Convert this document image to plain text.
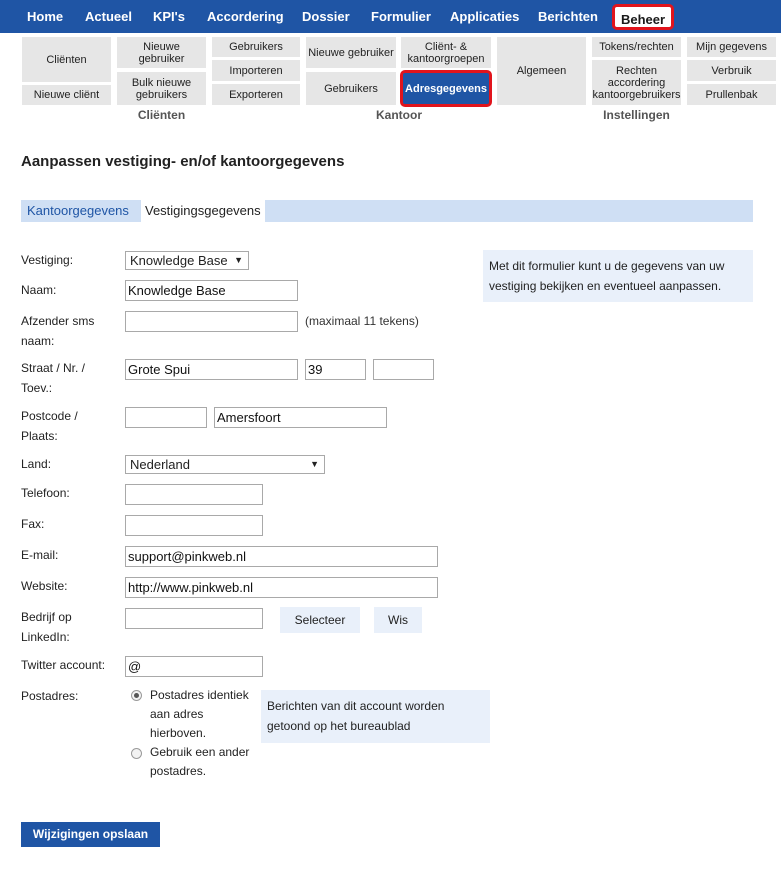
Home Actueel KPI's Accordering Dossier Formulier Applicaties Berichten	Beheer
Cliënten
Nieuwe cliënt
Nieuwe gebruiker
Bulk nieuwe gebruikers
Gebruikers
Importeren
Exporteren
Cliënten
Nieuwe gebruiker
Gebruikers
Cliënt- & kantoorgroepen
Adresgegevens
Algemeen
Kantoor
Tokens/rechten
Rechten accordering kantoorgebruikers
Mijn gegevens
Verbruik
Prullenbak
Instellingen
Aanpassen vestiging- en/of kantoorgegevens
Kantoorgegevens	Vestigingsgegevens
Met dit formulier kunt u de gegevens van uw vestiging bekijken en eventueel aanpassen.
Vestiging:	Knowledge Base ▼
Naam:	Knowledge Base
Afzender sms naam:
(maximaal 11 tekens)
Straat / Nr. / Toev.:
Grote Spui	39
Postcode / Plaats:
Amersfoort
Land:	Nederland	▼
Telefoon:
Fax:
E-mail:	support@pinkweb.nl
Website:	http://www.pinkweb.nl
Bedrijf op LinkedIn:
Selecteer	Wis
Twitter account: @
Postadres:	Postadres identiek aan adres hierboven.
Gebruik een ander postadres.
Berichten van dit account worden getoond op het bureaublad
Wijzigingen opslaan
